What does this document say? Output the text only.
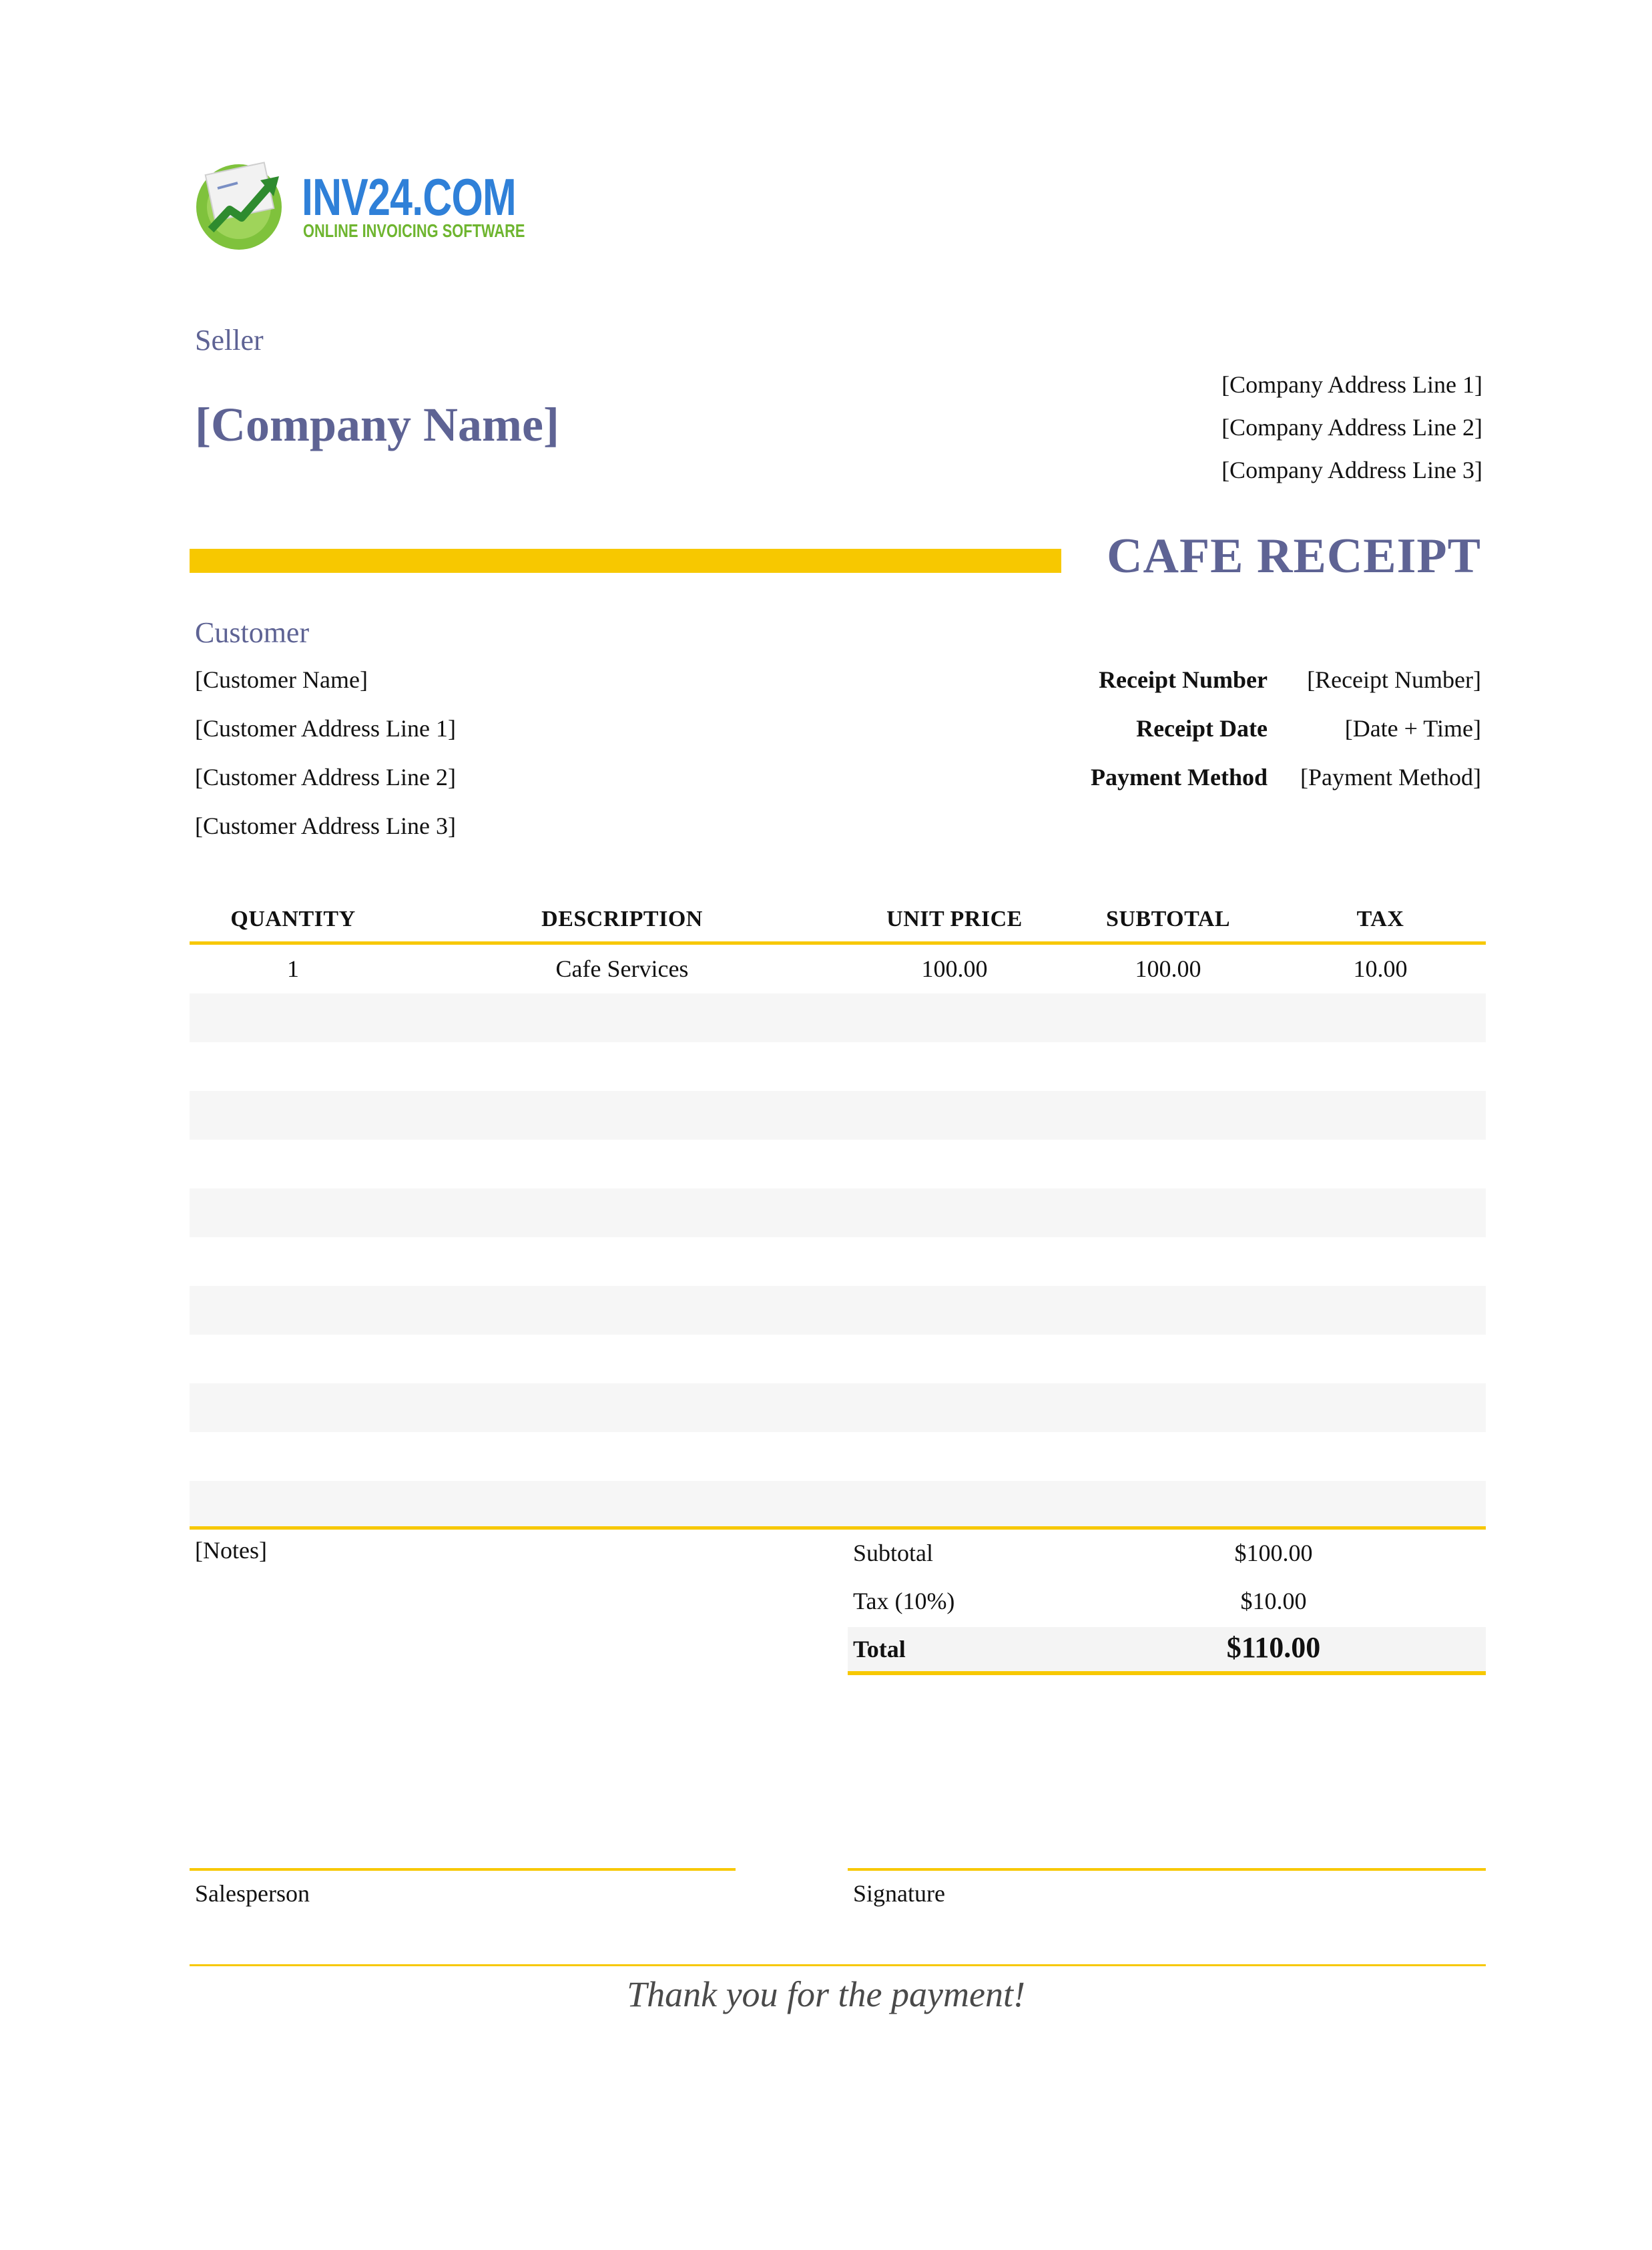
INV24.COM
ONLINE INVOICING SOFTWARE
Seller
[Company Name]
[Company Address Line 1]
[Company Address Line 2]
[Company Address Line 3]
CAFE RECEIPT
Customer
[Customer Name]
[Customer Address Line 1]
[Customer Address Line 2]
[Customer Address Line 3]
Receipt Number [Receipt Number]
Receipt Date	[Date + Time]
Payment Method [Payment Method]
QUANTITY	DESCRIPTION	UNIT PRICE	SUBTOTAL	TAX
1	Cafe Services	100.00	100.00	10.00
[Notes]	Subtotal	$100.00
Tax (10%)	$10.00
Total	$110.00
Salesperson	Signature
Thank you for the payment!
